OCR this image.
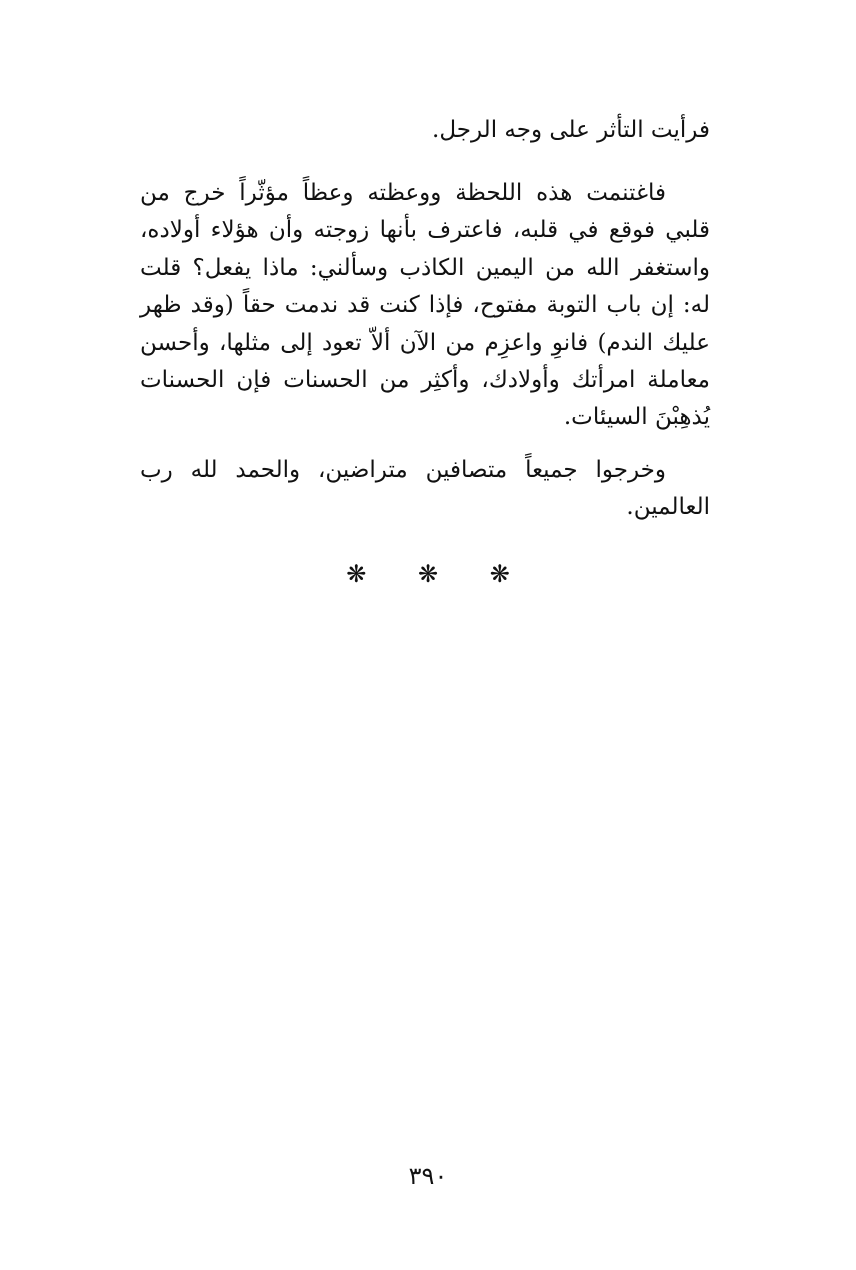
فرأيت التأثر على وجه الرجل.

فاغتنمت هذه اللحظة ووعظته وعظاً مؤثّراً خرج من قلبي فوقع في قلبه، فاعترف بأنها زوجته وأن هؤلاء أولاده، واستغفر الله من اليمين الكاذب وسألني: ماذا يفعل؟ قلت له: إن باب التوبة مفتوح، فإذا كنت قد ندمت حقاً (وقد ظهر عليك الندم) فانوِ واعزِم من الآن ألاّ تعود إلى مثلها، وأحسن معاملة امرأتك وأولادك، وأكثِر من الحسنات فإن الحسنات يُذهِبْنَ السيئات.

وخرجوا جميعاً متصافين متراضين، والحمد لله رب العالمين.

❋ ❋ ❋
٣٩٠
